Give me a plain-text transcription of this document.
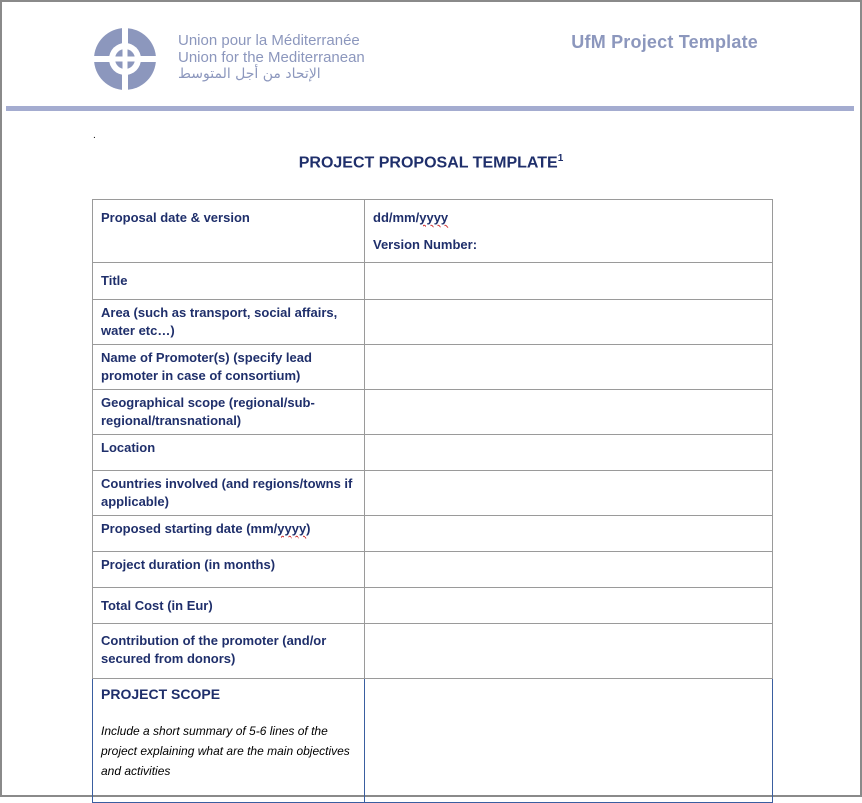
Union pour la Méditerranée
Union for the Mediterranean
الإتحاد من أجل المتوسط
UfM Project Template
.
PROJECT PROPOSAL TEMPLATE$^1$
Proposal date & version	dd/mm/yyyy
Version Number:

Title	
Area (such as transport, social affairs, water etc…)	
Name of Promoter(s) (specify lead promoter in case of consortium)	
Geographical scope (regional/sub-regional/transnational)	
Location	
Countries involved (and regions/towns if applicable)	
Proposed starting date (mm/yyyy)	
Project duration (in months)	
Total Cost (in Eur)	
Contribution of the promoter (and/or secured from donors)	

PROJECT SCOPE
Include a short summary of 5-6 lines of the project explaining what are the main objectives and activities	
